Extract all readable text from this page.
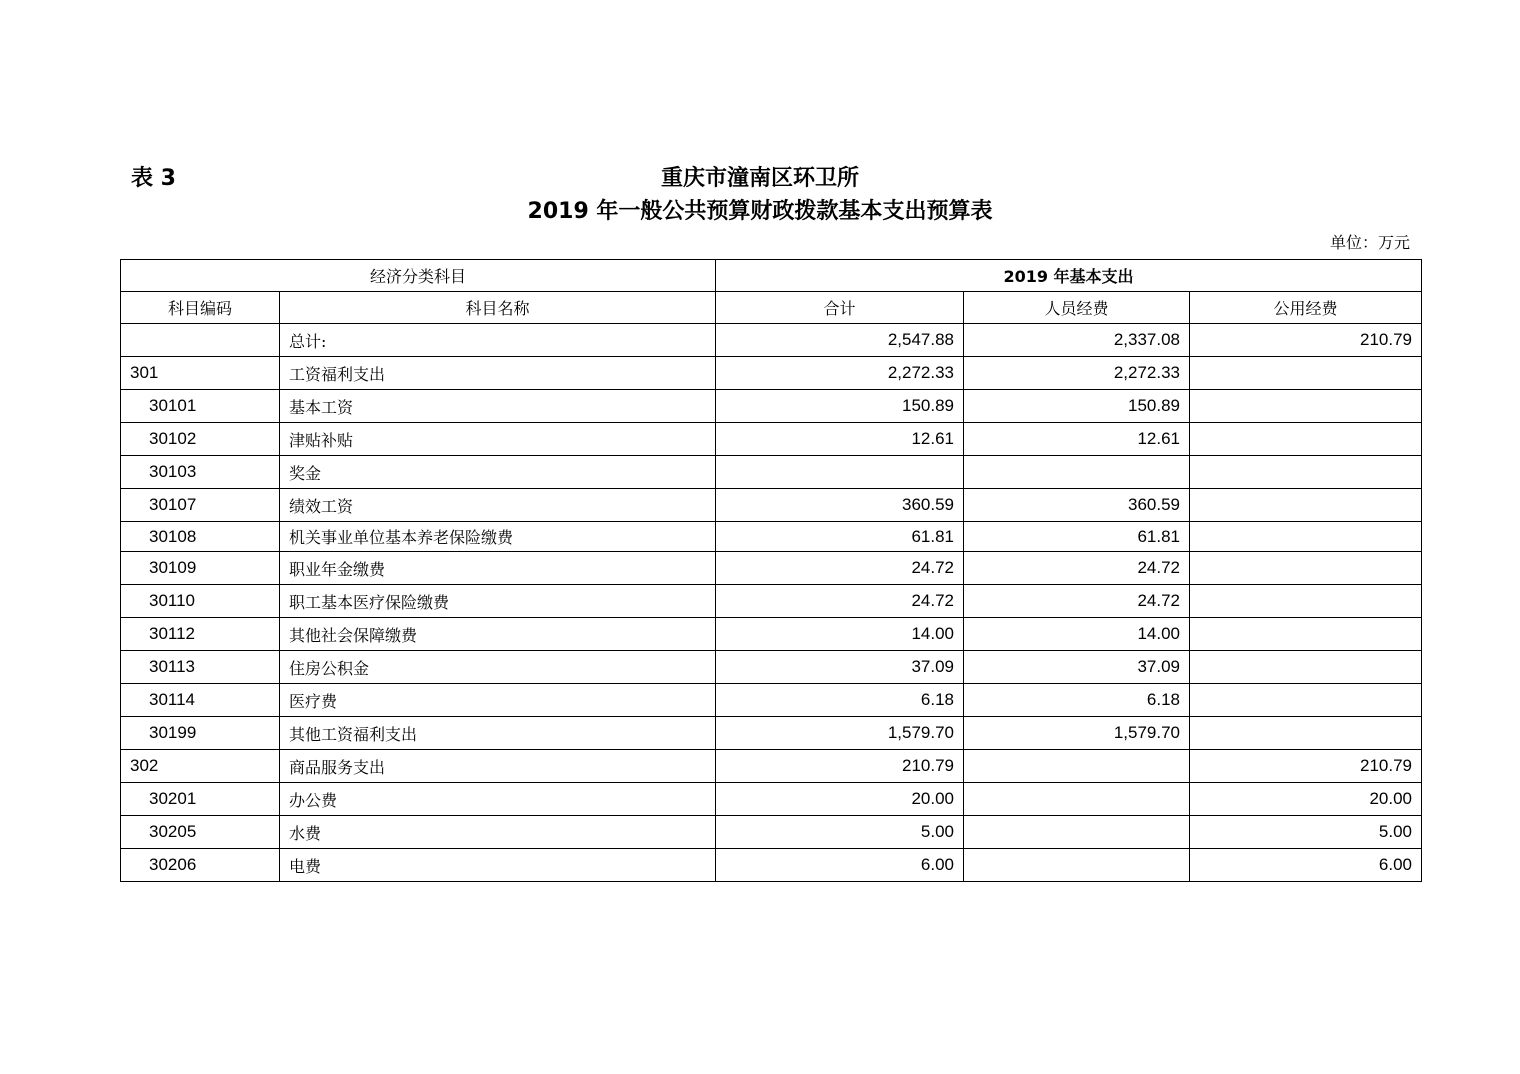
表 3	重庆市潼南区环卫所
2019 年一般公共预算财政拨款基本支出预算表
单位：万元
经济分类科目		2019 年基本支出		
科目编码	科目名称	合计	人员经费	公用经费
	总计:	2,547.88	2,337.08	210.79
301	工资福利支出	2,272.33	2,272.33	
30101	基本工资	150.89	150.89	
30102	津贴补贴	12.61	12.61	
30103	奖金			
30107	绩效工资	360.59	360.59	
30108	机关事业单位基本养老保险缴费	61.81	61.81	
30109	职业年金缴费	24.72	24.72	
30110	职工基本医疗保险缴费	24.72	24.72	
30112	其他社会保障缴费	14.00	14.00	
30113	住房公积金	37.09	37.09	
30114	医疗费	6.18	6.18	
30199	其他工资福利支出	1,579.70	1,579.70	
302	商品服务支出	210.79		210.79
30201	办公费	20.00		20.00
30205	水费	5.00		5.00
30206	电费	6.00		6.00
